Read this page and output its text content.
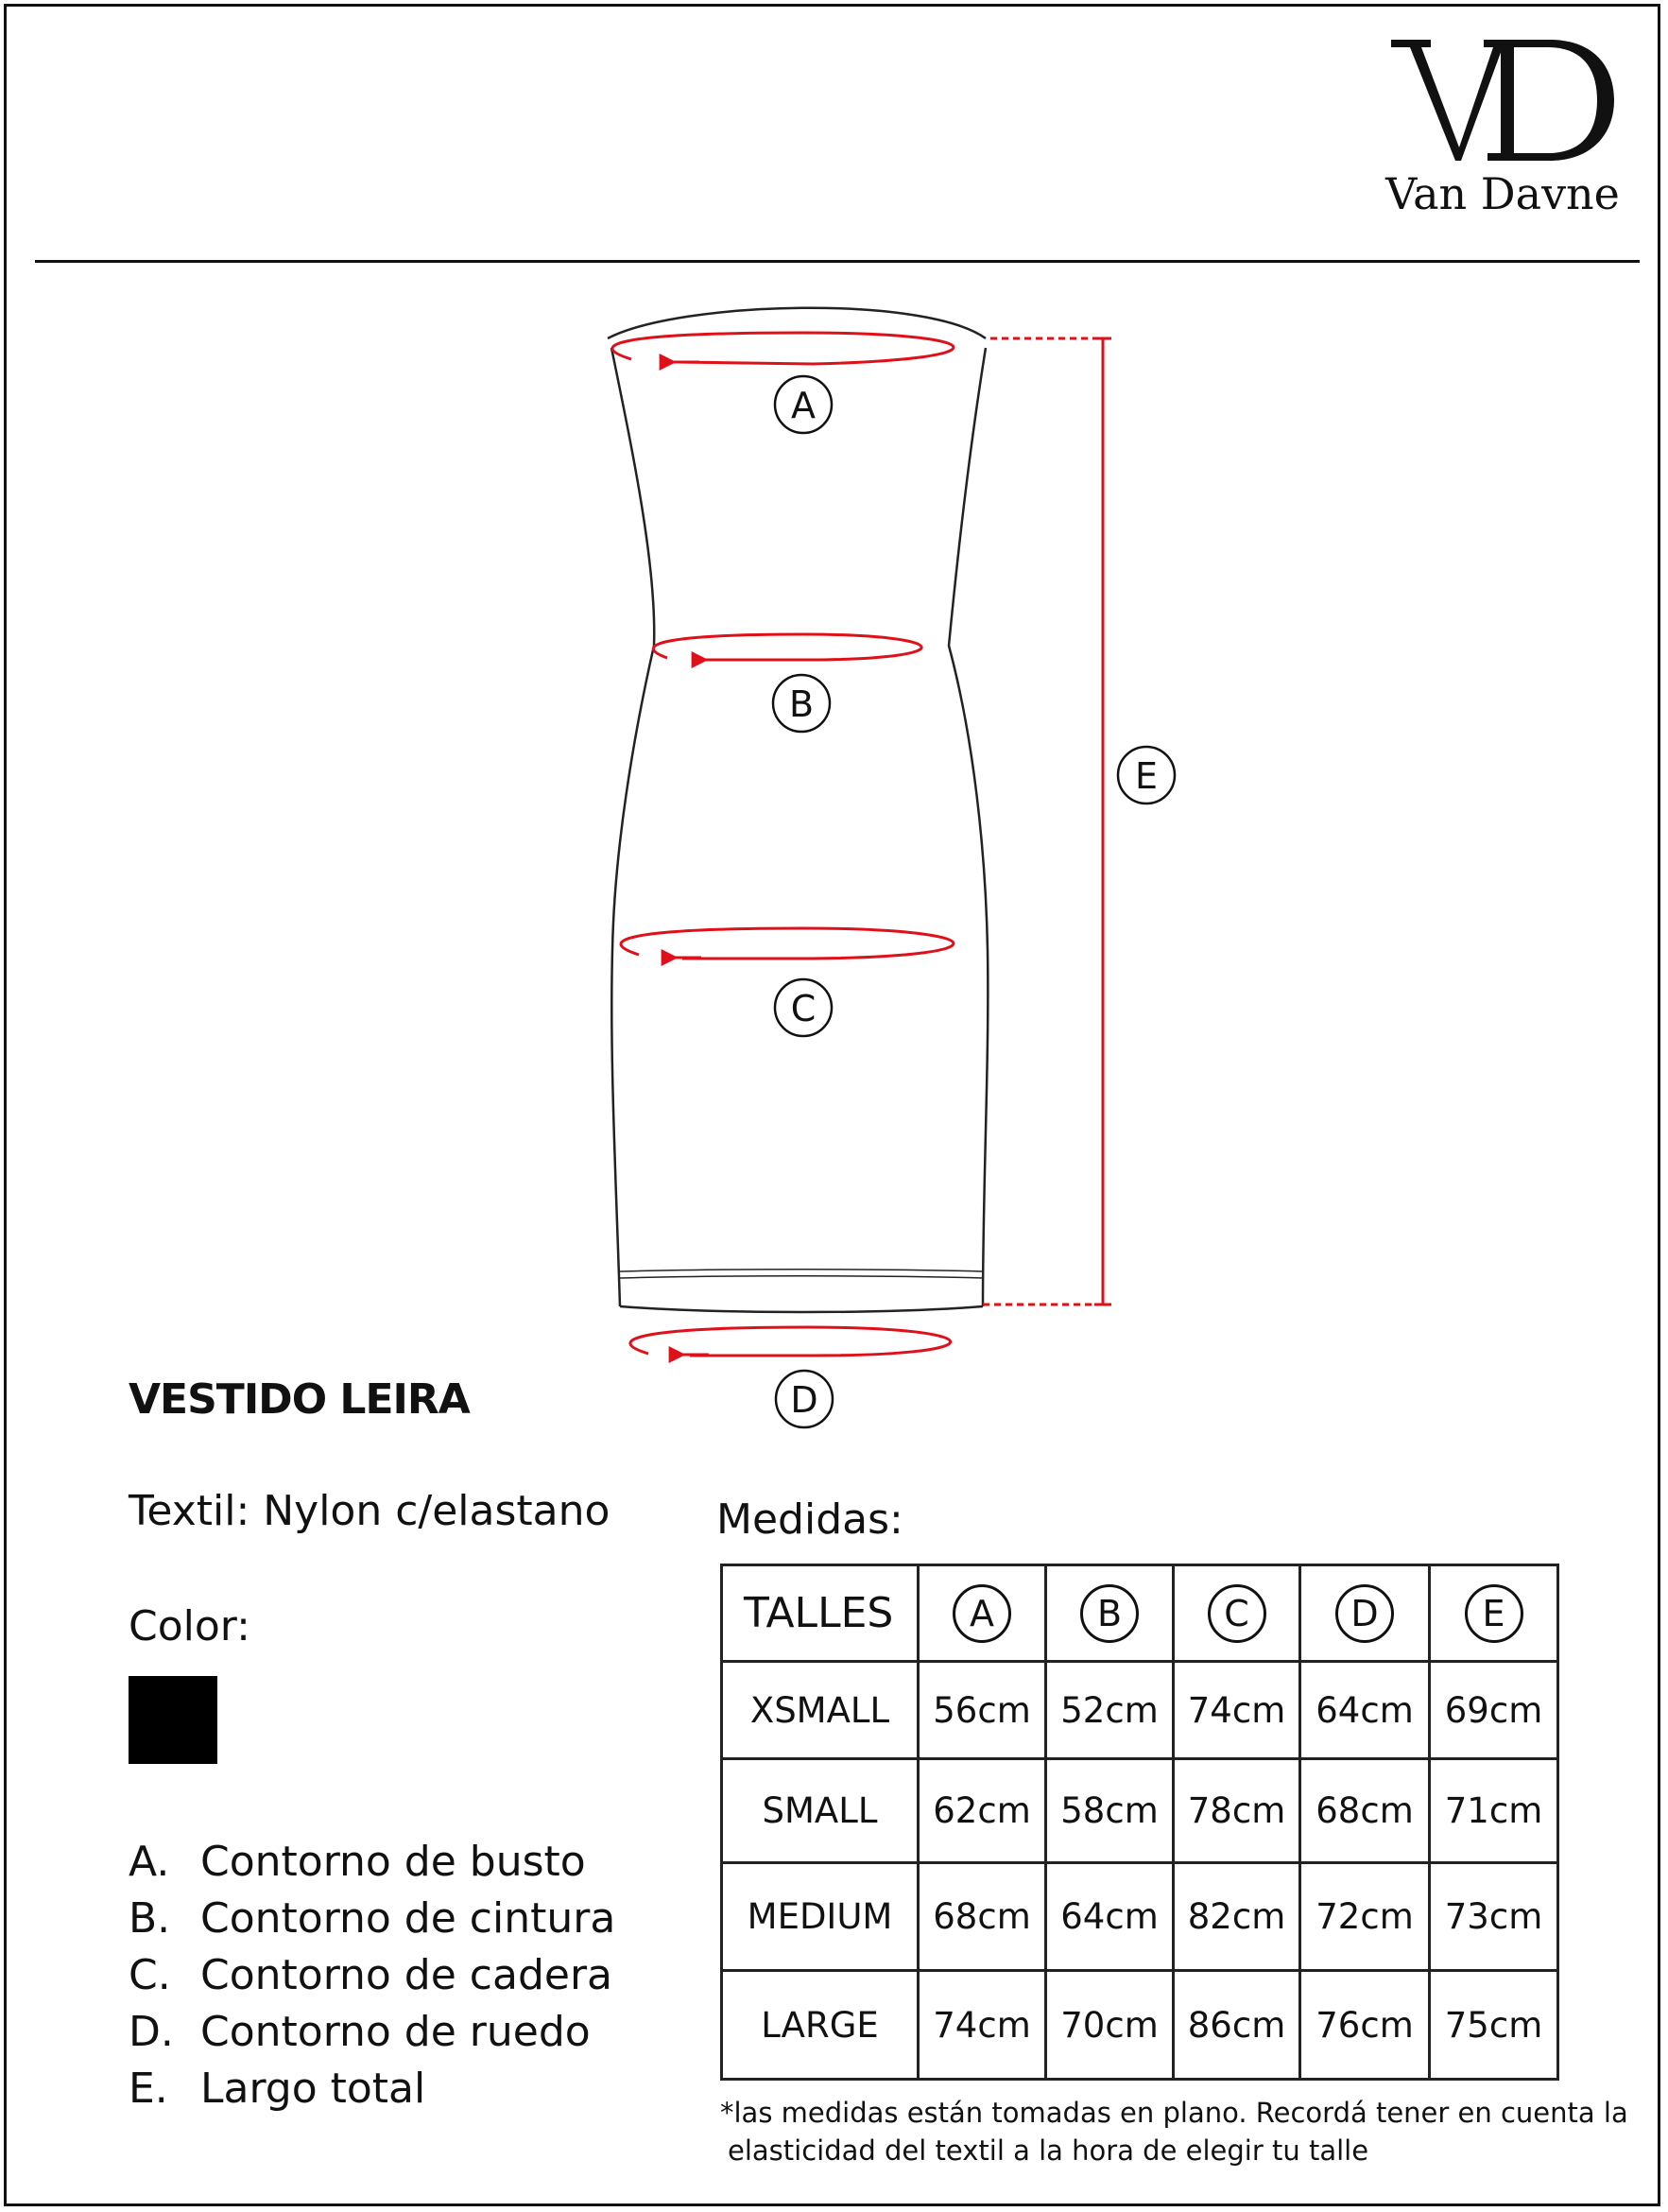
Van Davne
A
B
C
D
E
VESTIDO LEIRA
Textil: Nylon c/elastano
Color:
A. Contorno de busto
B. Contorno de cintura
C. Contorno de cadera
D. Contorno de ruedo
E. Largo total
Medidas:
TALLES	A	B	C	D	E
XSMALL	56cm	52cm	74cm	64cm	69cm
SMALL	62cm	58cm	78cm	68cm	71cm
MEDIUM	68cm	64cm	82cm	72cm	73cm
LARGE	74cm	70cm	86cm	76cm	75cm
*las medidas están tomadas en plano. Recordá tener en cuenta la
elasticidad del textil a la hora de elegir tu talle
